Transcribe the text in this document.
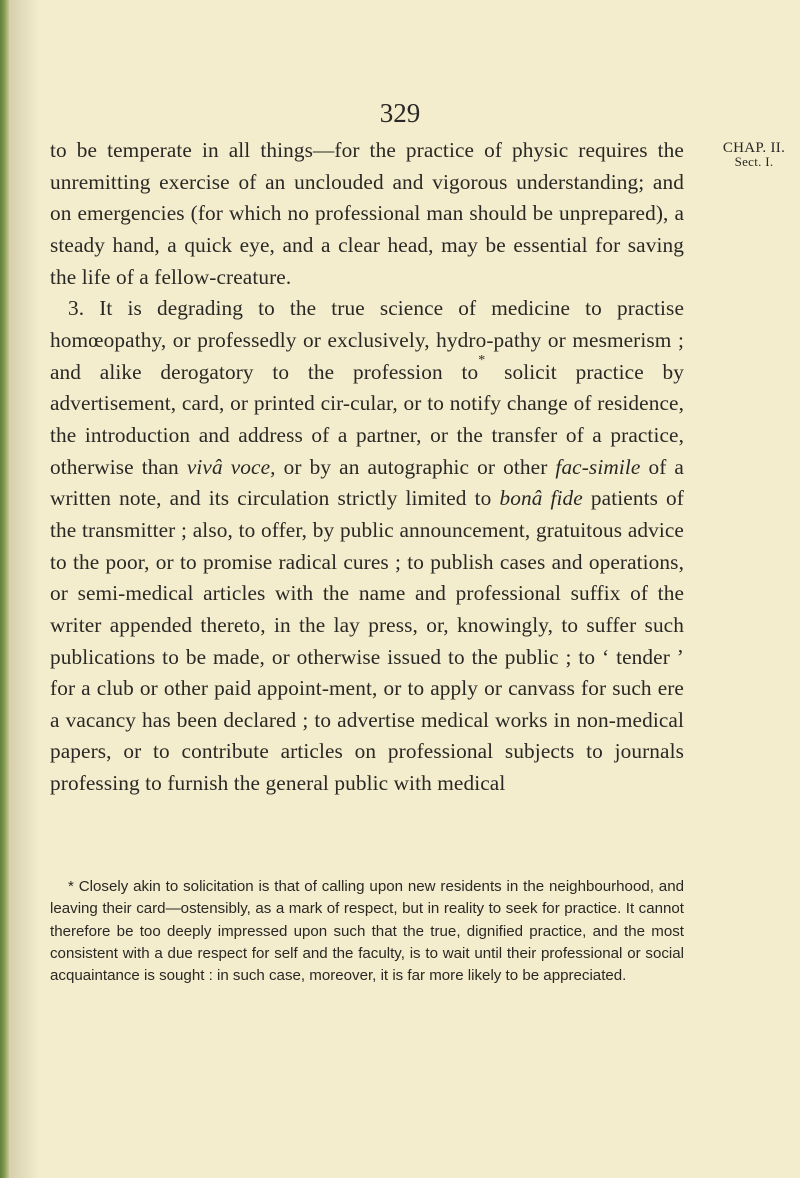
329
CHAP. II.
Sect. I.

to be temperate in all things—for the practice of physic requires the unremitting exercise of an unclouded and vigorous understanding; and on emergencies (for which no professional man should be unprepared), a steady hand, a quick eye, and a clear head, may be essential for saving the life of a fellow-creature.

3. It is degrading to the true science of medicine to practise homœopathy, or professedly or exclusively, hydro-pathy or mesmerism ; and alike derogatory to the profession to* solicit practice by advertisement, card, or printed cir-cular, or to notify change of residence, the introduction and address of a partner, or the transfer of a practice, otherwise than vivâ voce, or by an autographic or other fac-simile of a written note, and its circulation strictly limited to bonâ fide patients of the transmitter ; also, to offer, by public announcement, gratuitous advice to the poor, or to promise radical cures ; to publish cases and operations, or semi-medical articles with the name and professional suffix of the writer appended thereto, in the lay press, or, knowingly, to suffer such publications to be made, or otherwise issued to the public ; to ‘ tender ’ for a club or other paid appoint-ment, or to apply or canvass for such ere a vacancy has been declared ; to advertise medical works in non-medical papers, or to contribute articles on professional subjects to journals professing to furnish the general public with medical

* Closely akin to solicitation is that of calling upon new residents in the neighbourhood, and leaving their card—ostensibly, as a mark of respect, but in reality to seek for practice. It cannot therefore be too deeply impressed upon such that the true, dignified practice, and the most consistent with a due respect for self and the faculty, is to wait until their professional or social acquaintance is sought : in such case, moreover, it is far more likely to be appreciated.
